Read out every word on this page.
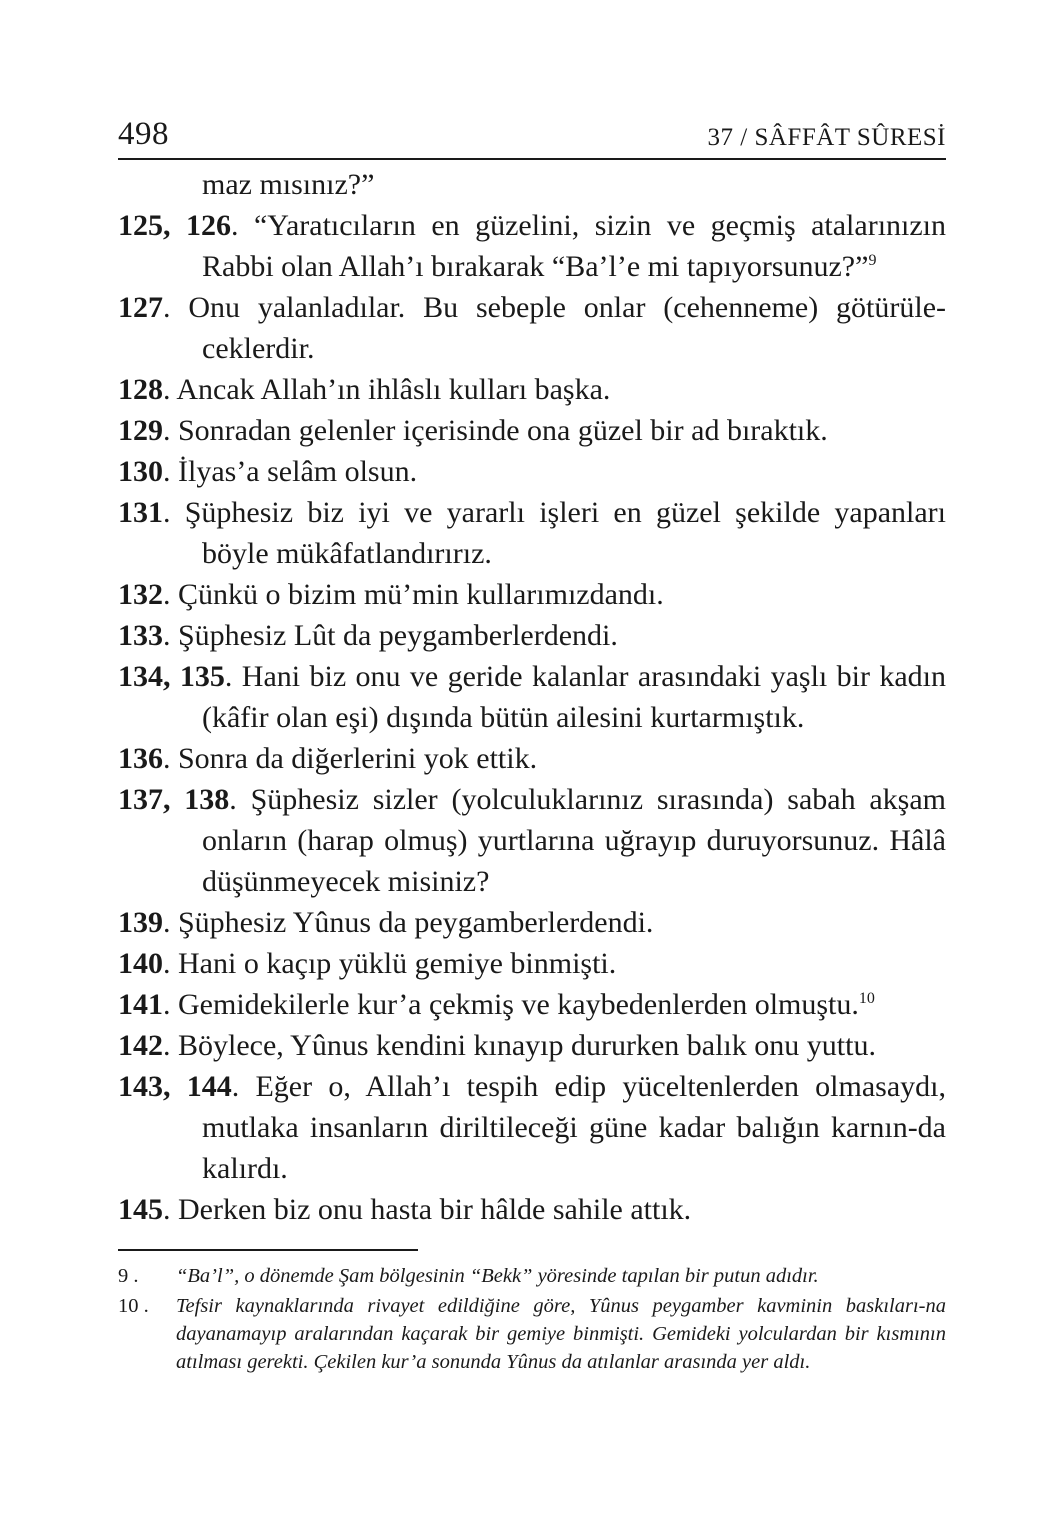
498	37 / SÂFFÂT SÛRESİ

maz mısınız?”

125, 126. “Yaratıcıların en güzelini, sizin ve geçmiş atalarınızın Rabbi olan Allah’ı bırakarak “Ba’l’e mi tapıyorsunuz?”$^9$

127. Onu yalanladılar. Bu sebeple onlar (cehenneme) götürüle-ceklerdir.

128. Ancak Allah’ın ihlâslı kulları başka.

129. Sonradan gelenler içerisinde ona güzel bir ad bıraktık.

130. İlyas’a selâm olsun.

131. Şüphesiz biz iyi ve yararlı işleri en güzel şekilde yapanları böyle mükâfatlandırırız.

132. Çünkü o bizim mü’min kullarımızdandı.

133. Şüphesiz Lût da peygamberlerdendi.

134, 135. Hani biz onu ve geride kalanlar arasındaki yaşlı bir kadın (kâfir olan eşi) dışında bütün ailesini kurtarmıştık.

136. Sonra da diğerlerini yok ettik.

137, 138. Şüphesiz sizler (yolculuklarınız sırasında) sabah akşam onların (harap olmuş) yurtlarına uğrayıp duruyorsunuz. Hâlâ düşünmeyecek misiniz?

139. Şüphesiz Yûnus da peygamberlerdendi.

140. Hani o kaçıp yüklü gemiye binmişti.

141. Gemidekilerle kur’a çekmiş ve kaybedenlerden olmuştu.$^{10}$

142. Böylece, Yûnus kendini kınayıp dururken balık onu yuttu.

143, 144. Eğer o, Allah’ı tespih edip yüceltenlerden olmasaydı, mutlaka insanların diriltileceği güne kadar balığın karnın-da kalırdı.

145. Derken biz onu hasta bir hâlde sahile attık.

9 . “Ba’l”, o dönemde Şam bölgesinin “Bekk” yöresinde tapılan bir putun adıdır.

10 . Tefsir kaynaklarında rivayet edildiğine göre, Yûnus peygamber kavminin baskıları-na dayanamayıp aralarından kaçarak bir gemiye binmişti. Gemideki yolculardan bir kısmının atılması gerekti. Çekilen kur’a sonunda Yûnus da atılanlar arasında yer aldı.
